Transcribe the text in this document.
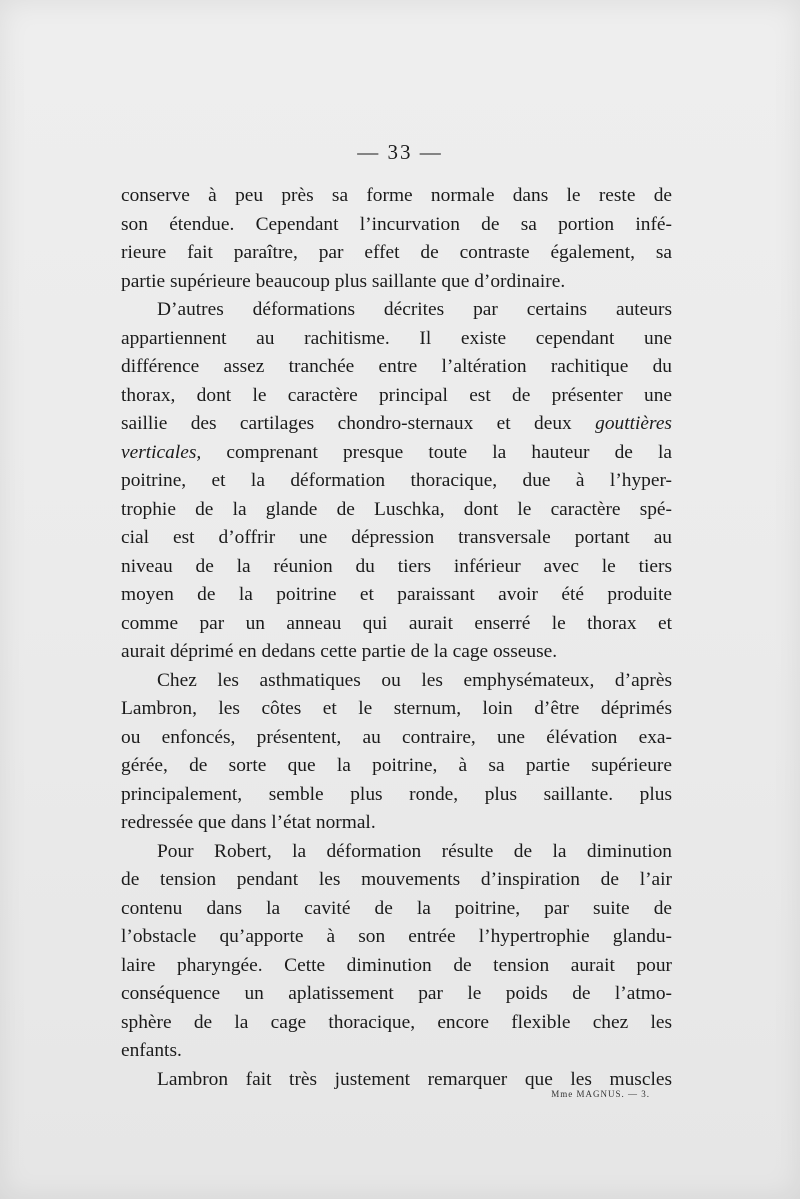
— 33 —

conserve à peu près sa forme normale dans le reste de

son étendue. Cependant l’incurvation de sa portion infé-

rieure fait paraître, par effet de contraste également, sa

partie supérieure beaucoup plus saillante que d’ordinaire.

D’autres déformations décrites par certains auteurs

appartiennent au rachitisme. Il existe cependant une

différence assez tranchée entre l’altération rachitique du

thorax, dont le caractère principal est de présenter une

saillie des cartilages chondro-sternaux et deux gouttières

verticales, comprenant presque toute la hauteur de la

poitrine, et la déformation thoracique, due à l’hyper-

trophie de la glande de Luschka, dont le caractère spé-

cial est d’offrir une dépression transversale portant au

niveau de la réunion du tiers inférieur avec le tiers

moyen de la poitrine et paraissant avoir été produite

comme par un anneau qui aurait enserré le thorax et

aurait déprimé en dedans cette partie de la cage osseuse.

Chez les asthmatiques ou les emphysémateux, d’après

Lambron, les côtes et le sternum, loin d’être déprimés

ou enfoncés, présentent, au contraire, une élévation exa-

gérée, de sorte que la poitrine, à sa partie supérieure

principalement, semble plus ronde, plus saillante. plus

redressée que dans l’état normal.

Pour Robert, la déformation résulte de la diminution

de tension pendant les mouvements d’inspiration de l’air

contenu dans la cavité de la poitrine, par suite de

l’obstacle qu’apporte à son entrée l’hypertrophie glandu-

laire pharyngée. Cette diminution de tension aurait pour

conséquence un aplatissement par le poids de l’atmo-

sphère de la cage thoracique, encore flexible chez les

enfants.

Lambron fait très justement remarquer que les muscles

Mme MAGNUS. — 3.
